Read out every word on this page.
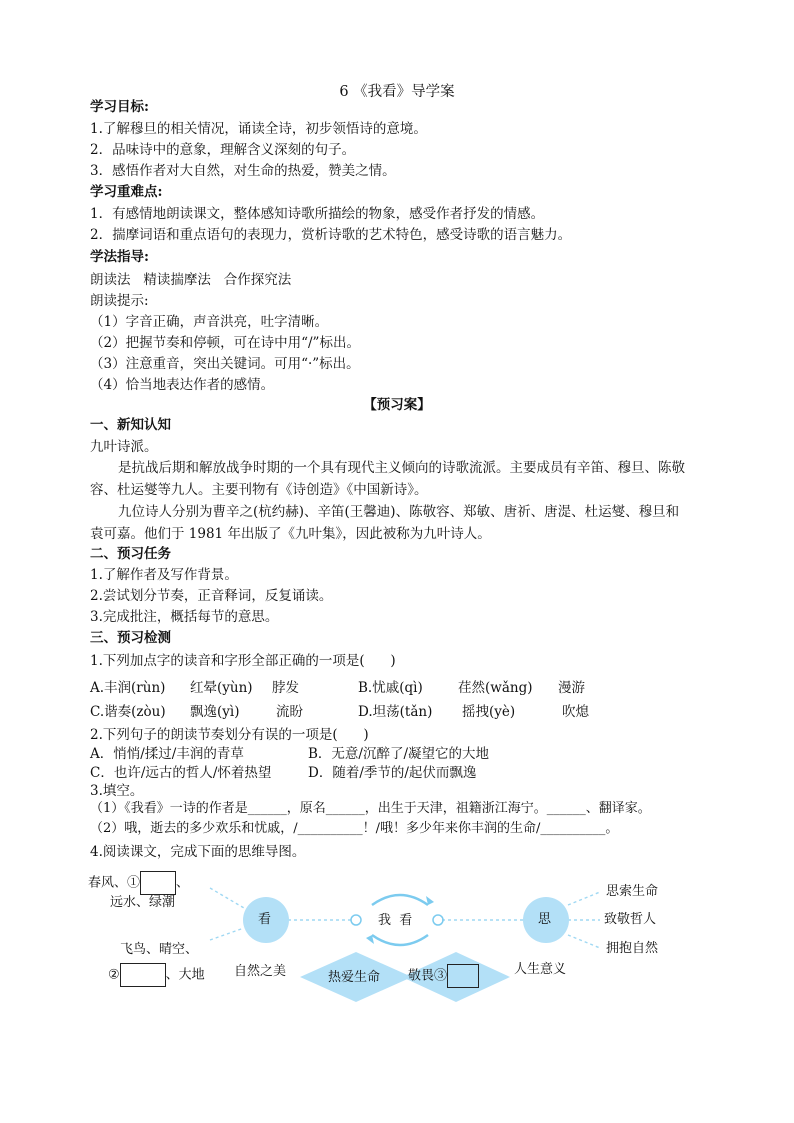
6 《我看》导学案
学习目标:
1.了解穆旦的相关情况，诵读全诗，初步领悟诗的意境。
2．品味诗中的意象，理解含义深刻的句子。
3．感悟作者对大自然，对生命的热爱，赞美之情。
学习重难点:
1．有感情地朗读课文，整体感知诗歌所描绘的物象，感受作者抒发的情感。
2．揣摩词语和重点语句的表现力，赏析诗歌的艺术特色，感受诗歌的语言魅力。
学法指导:
朗读法   精读揣摩法   合作探究法
朗读提示:
（1）字音正确，声音洪亮，吐字清晰。
（2）把握节奏和停顿，可在诗中用“/”标出。
（3）注意重音，突出关键词。可用“·”标出。
（4）恰当地表达作者的感情。
【预习案】
一、新知认知
九叶诗派。
是抗战后期和解放战争时期的一个具有现代主义倾向的诗歌流派。主要成员有辛笛、穆旦、陈敬
容、杜运燮等九人。主要刊物有《诗创造》《中国新诗》。
九位诗人分别为曹辛之(杭约赫)、辛笛(王馨迪)、陈敬容、郑敏、唐祈、唐湜、杜运燮、穆旦和
袁可嘉。他们于 1981 年出版了《九叶集》，因此被称为九叶诗人。
二、预习任务
1.了解作者及写作背景。
2.尝试划分节奏，正音释词，反复诵读。
3.完成批注，概括每节的意思。
三、预习检测
1.下列加点字的读音和字形全部正确的一项是(      )
A.丰润(rùn) 红晕(yùn) 脖发	B.忧戚(qì)	荏然(wǎng) 漫游
C.谐奏(zòu) 飘逸(yì)	流盼	D.坦荡(tǎn) 摇拽(yè)	吹熄
2.下列句子的朗读节奏划分有误的一项是(      )
A．悄悄/揉过/丰润的青草	B．无意/沉醉了/凝望它的大地
C．也许/远古的哲人/怀着热望	D．随着/季节的/起伏而飘逸
3.填空。
（1）《我看》一诗的作者是______，原名______，出生于天津，祖籍浙江海宁。______、翻译家。
（2）哦，逝去的多少欢乐和忧戚，/__________！/哦！多少年来你丰润的生命/__________。
4.阅读课文，完成下面的思维导图。
春风、①	、
远水、绿潮
飞鸟、晴空、
②	、大地
看	我  看	思
思索生命
致敬哲人
拥抱自然
自然之美	热爱生命 敬畏③	人生意义
